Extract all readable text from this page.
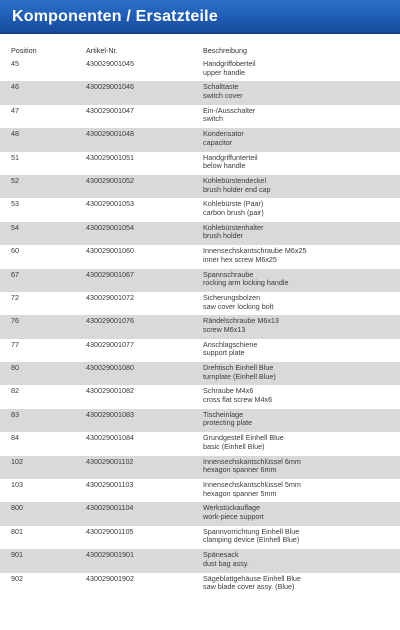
Komponenten / Ersatzteile
Position	Artikel-Nr.	Beschreibung
45	430029001045	Handgriffoberteil
upper handle
46	430029001046	Schalttaste
switch cover
47	430029001047	Ein-/Ausschalter
switch
48	430029001048	Kondensator
capacitor
51	430029001051	Handgriffunterteil
below handle
52	430029001052	Kohlebürstendeckel
brush holder end cap
53	430029001053	Kohlebürste (Paar)
carbon brush (pair)
54	430029001054	Kohlebürstenhalter
brush holder
60	430029001060	Innensechskantschraube M6x25
inner hex screw M6x25
67	430029001067	Spannschraube
rocking arm locking handle
72	430029001072	Sicherungsbolzen
saw cover locking bolt
76	430029001076	Rändelschraube M6x13
screw M6x13
77	430029001077	Anschlagschiene
support plate
80	430029001080	Drehtisch Einhell Blue
turnplate (Einhell Blue)
82	430029001082	Schraube M4x6
cross flat screw M4x6
83	430029001083	Tischeinlage
protecting plate
84	430029001084	Grundgestell Einhell Blue
basic (Einhell Blue)
102	430029001102	Innensechskantschlüssel 6mm
hexagon spanner 6mm
103	430029001103	Innensechskantschlüssel 5mm
hexagon spanner 5mm
800	430029001104	Werkstückauflage
work-piece support
801	430029001105	Spannvorrichtung Einhell Blue
clamping device (Einhell Blue)
901	430029001901	Spänesack
dust bag assy.
902	430029001902	Sägeblattgehäuse Einhell Blue
saw blade cover assy. (Blue)
